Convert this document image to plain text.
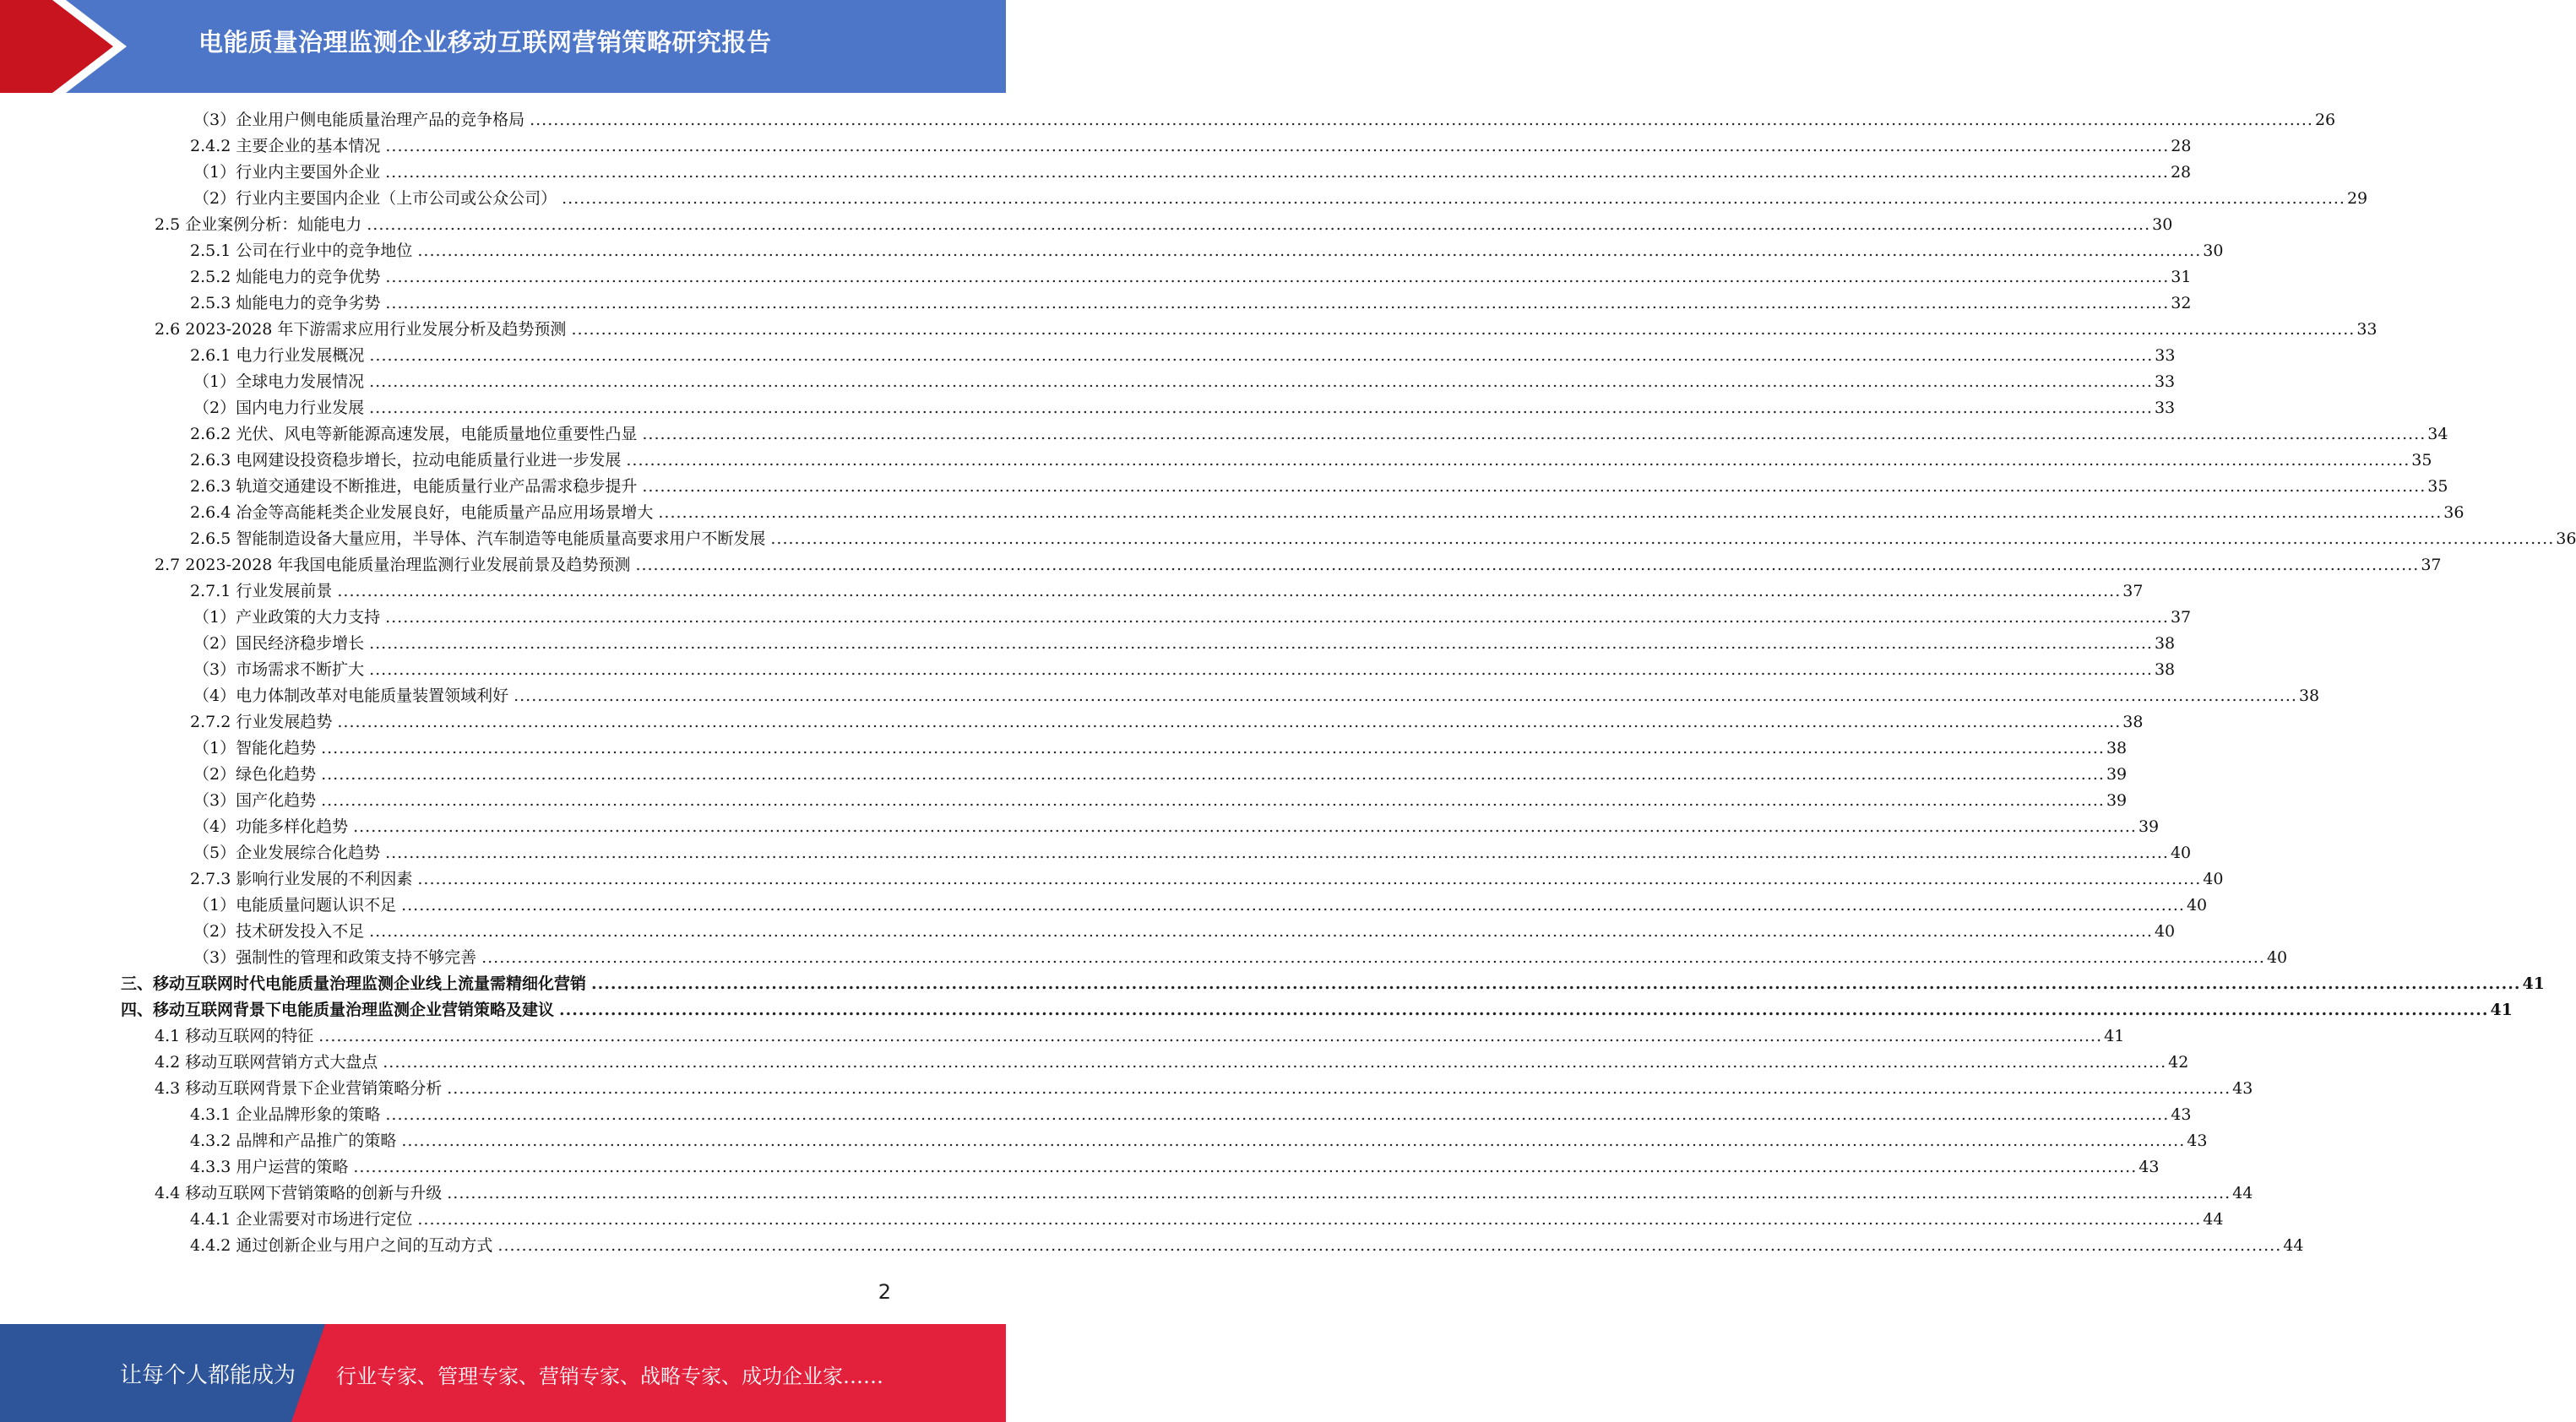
电能质量治理监测企业移动互联网营销策略研究报告
（3）企业用户侧电能质量治理产品的竞争格局 ............................................................................................................................................................................................................................................................................................................ 26
2.4.2 主要企业的基本情况 ............................................................................................................................................................................................................................................................................................................ 28
（1）行业内主要国外企业 ............................................................................................................................................................................................................................................................................................................ 28
（2）行业内主要国内企业（上市公司或公众公司） ............................................................................................................................................................................................................................................................................................................ 29
2.5 企业案例分析：灿能电力 ............................................................................................................................................................................................................................................................................................................ 30
2.5.1 公司在行业中的竞争地位 ............................................................................................................................................................................................................................................................................................................ 30
2.5.2 灿能电力的竞争优势 ............................................................................................................................................................................................................................................................................................................ 31
2.5.3 灿能电力的竞争劣势 ............................................................................................................................................................................................................................................................................................................ 32
2.6 2023-2028 年下游需求应用行业发展分析及趋势预测 ............................................................................................................................................................................................................................................................................................................ 33
2.6.1 电力行业发展概况 ............................................................................................................................................................................................................................................................................................................ 33
（1）全球电力发展情况 ............................................................................................................................................................................................................................................................................................................ 33
（2）国内电力行业发展 ............................................................................................................................................................................................................................................................................................................ 33
2.6.2 光伏、风电等新能源高速发展，电能质量地位重要性凸显 ............................................................................................................................................................................................................................................................................................................ 34
2.6.3 电网建设投资稳步增长，拉动电能质量行业进一步发展 ............................................................................................................................................................................................................................................................................................................ 35
2.6.3 轨道交通建设不断推进，电能质量行业产品需求稳步提升 ............................................................................................................................................................................................................................................................................................................ 35
2.6.4 冶金等高能耗类企业发展良好，电能质量产品应用场景增大 ............................................................................................................................................................................................................................................................................................................ 36
2.6.5 智能制造设备大量应用，半导体、汽车制造等电能质量高要求用户不断发展 ............................................................................................................................................................................................................................................................................................................ 36
2.7 2023-2028 年我国电能质量治理监测行业发展前景及趋势预测 ............................................................................................................................................................................................................................................................................................................ 37
2.7.1 行业发展前景 ............................................................................................................................................................................................................................................................................................................ 37
（1）产业政策的大力支持 ............................................................................................................................................................................................................................................................................................................ 37
（2）国民经济稳步增长 ............................................................................................................................................................................................................................................................................................................ 38
（3）市场需求不断扩大 ............................................................................................................................................................................................................................................................................................................ 38
（4）电力体制改革对电能质量装置领域利好 ............................................................................................................................................................................................................................................................................................................ 38
2.7.2 行业发展趋势 ............................................................................................................................................................................................................................................................................................................ 38
（1）智能化趋势 ............................................................................................................................................................................................................................................................................................................ 38
（2）绿色化趋势 ............................................................................................................................................................................................................................................................................................................ 39
（3）国产化趋势 ............................................................................................................................................................................................................................................................................................................ 39
（4）功能多样化趋势 ............................................................................................................................................................................................................................................................................................................ 39
（5）企业发展综合化趋势 ............................................................................................................................................................................................................................................................................................................ 40
2.7.3 影响行业发展的不利因素 ............................................................................................................................................................................................................................................................................................................ 40
（1）电能质量问题认识不足 ............................................................................................................................................................................................................................................................................................................ 40
（2）技术研发投入不足 ............................................................................................................................................................................................................................................................................................................ 40
（3）强制性的管理和政策支持不够完善 ............................................................................................................................................................................................................................................................................................................ 40
三、移动互联网时代电能质量治理监测企业线上流量需精细化营销 ............................................................................................................................................................................................................................................................................................................ 41
四、移动互联网背景下电能质量治理监测企业营销策略及建议 ............................................................................................................................................................................................................................................................................................................ 41
4.1 移动互联网的特征 ............................................................................................................................................................................................................................................................................................................ 41
4.2 移动互联网营销方式大盘点 ............................................................................................................................................................................................................................................................................................................ 42
4.3 移动互联网背景下企业营销策略分析 ............................................................................................................................................................................................................................................................................................................ 43
4.3.1 企业品牌形象的策略 ............................................................................................................................................................................................................................................................................................................ 43
4.3.2 品牌和产品推广的策略 ............................................................................................................................................................................................................................................................................................................ 43
4.3.3 用户运营的策略 ............................................................................................................................................................................................................................................................................................................ 43
4.4 移动互联网下营销策略的创新与升级 ............................................................................................................................................................................................................................................................................................................ 44
4.4.1 企业需要对市场进行定位 ............................................................................................................................................................................................................................................................................................................ 44
4.4.2 通过创新企业与用户之间的互动方式 ............................................................................................................................................................................................................................................................................................................ 44
2
让每个人都能成为 行业专家、管理专家、营销专家、战略专家、成功企业家……
